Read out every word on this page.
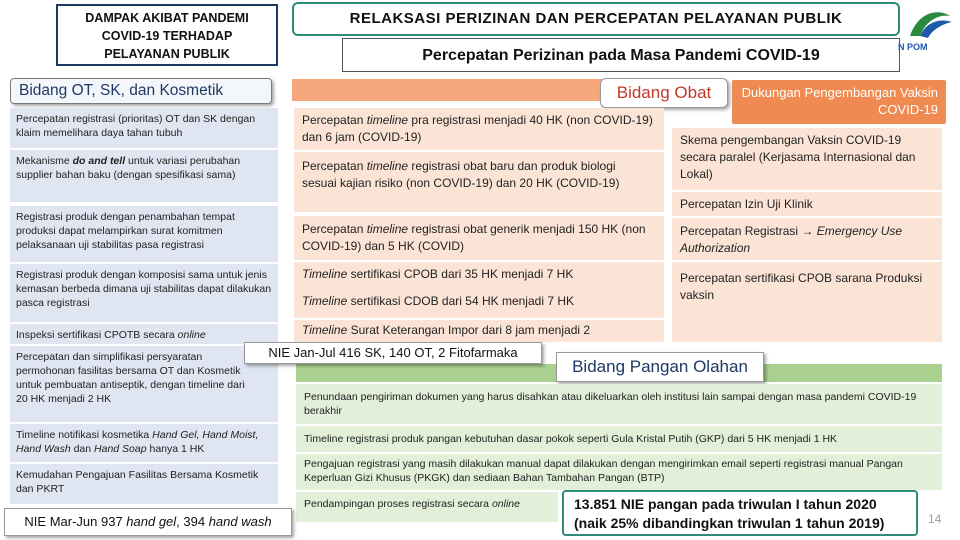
DAMPAK AKIBAT PANDEMI
COVID-19 TERHADAP
PELAYANAN PUBLIK
RELAKSASI PERIZINAN DAN PERCEPATAN PELAYANAN PUBLIK
Percepatan Perizinan pada Masa Pandemi COVID-19	N POM
Bidang OT, SK, dan Kosmetik	Bidang Obat	Dukungan Pengembangan Vaksin COVID-19
Percepatan registrasi (prioritas) OT dan SK dengan klaim memelihara daya tahan tubuh
Mekanisme do and tell untuk variasi perubahan supplier bahan baku (dengan spesifikasi sama)
Registrasi produk dengan penambahan tempat produksi dapat melampirkan surat komitmen pelaksanaan uji stabilitas pasa registrasi
Registrasi produk dengan komposisi sama untuk jenis kemasan berbeda dimana uji stabilitas dapat dilakukan pasca registrasi
Inspeksi sertifikasi CPOTB secara online
Percepatan dan simplifikasi persyaratan permohonan fasilitas bersama OT dan Kosmetik untuk pembuatan antiseptik, dengan timeline dari 20 HK menjadi 2 HK
Timeline notifikasi kosmetika Hand Gel, Hand Moist, Hand Wash dan Hand Soap hanya 1 HK
Kemudahan Pengajuan Fasilitas Bersama Kosmetik dan PKRT
Percepatan timeline pra registrasi menjadi 40 HK (non COVID-19) dan 6 jam (COVID-19)
Percepatan timeline registrasi obat baru dan produk biologi sesuai kajian risiko (non COVID-19) dan 20 HK (COVID-19)
Percepatan timeline registrasi obat generik menjadi 150 HK (non COVID-19) dan 5 HK (COVID)
Timeline sertifikasi CPOB dari 35 HK menjadi 7 HK
Timeline sertifikasi CDOB dari 54 HK menjadi 7 HK
Timeline Surat Keterangan Impor dari 8 jam menjadi 2
Skema pengembangan Vaksin COVID-19 secara paralel (Kerjasama Internasional dan Lokal)
Percepatan Izin Uji Klinik
Percepatan Registrasi → Emergency Use Authorization
Percepatan sertifikasi CPOB sarana Produksi vaksin
NIE Jan-Jul 416 SK, 140 OT, 2 Fitofarmaka
Bidang Pangan Olahan
Penundaan pengiriman dokumen yang harus disahkan atau dikeluarkan oleh institusi lain sampai dengan masa pandemi COVID-19 berakhir
Timeline registrasi produk pangan kebutuhan dasar pokok seperti Gula Kristal Putih (GKP) dari 5 HK menjadi 1 HK
Pengajuan registrasi yang masih dilakukan manual dapat dilakukan dengan mengirimkan email seperti registrasi manual Pangan Keperluan Gizi Khusus (PKGK) dan sediaan Bahan Tambahan Pangan (BTP)
Pendampingan proses registrasi secara online
NIE Mar-Jun 937 hand gel, 394 hand wash
13.851 NIE pangan pada triwulan I tahun 2020
(naik 25% dibandingkan triwulan 1 tahun 2019)	14
